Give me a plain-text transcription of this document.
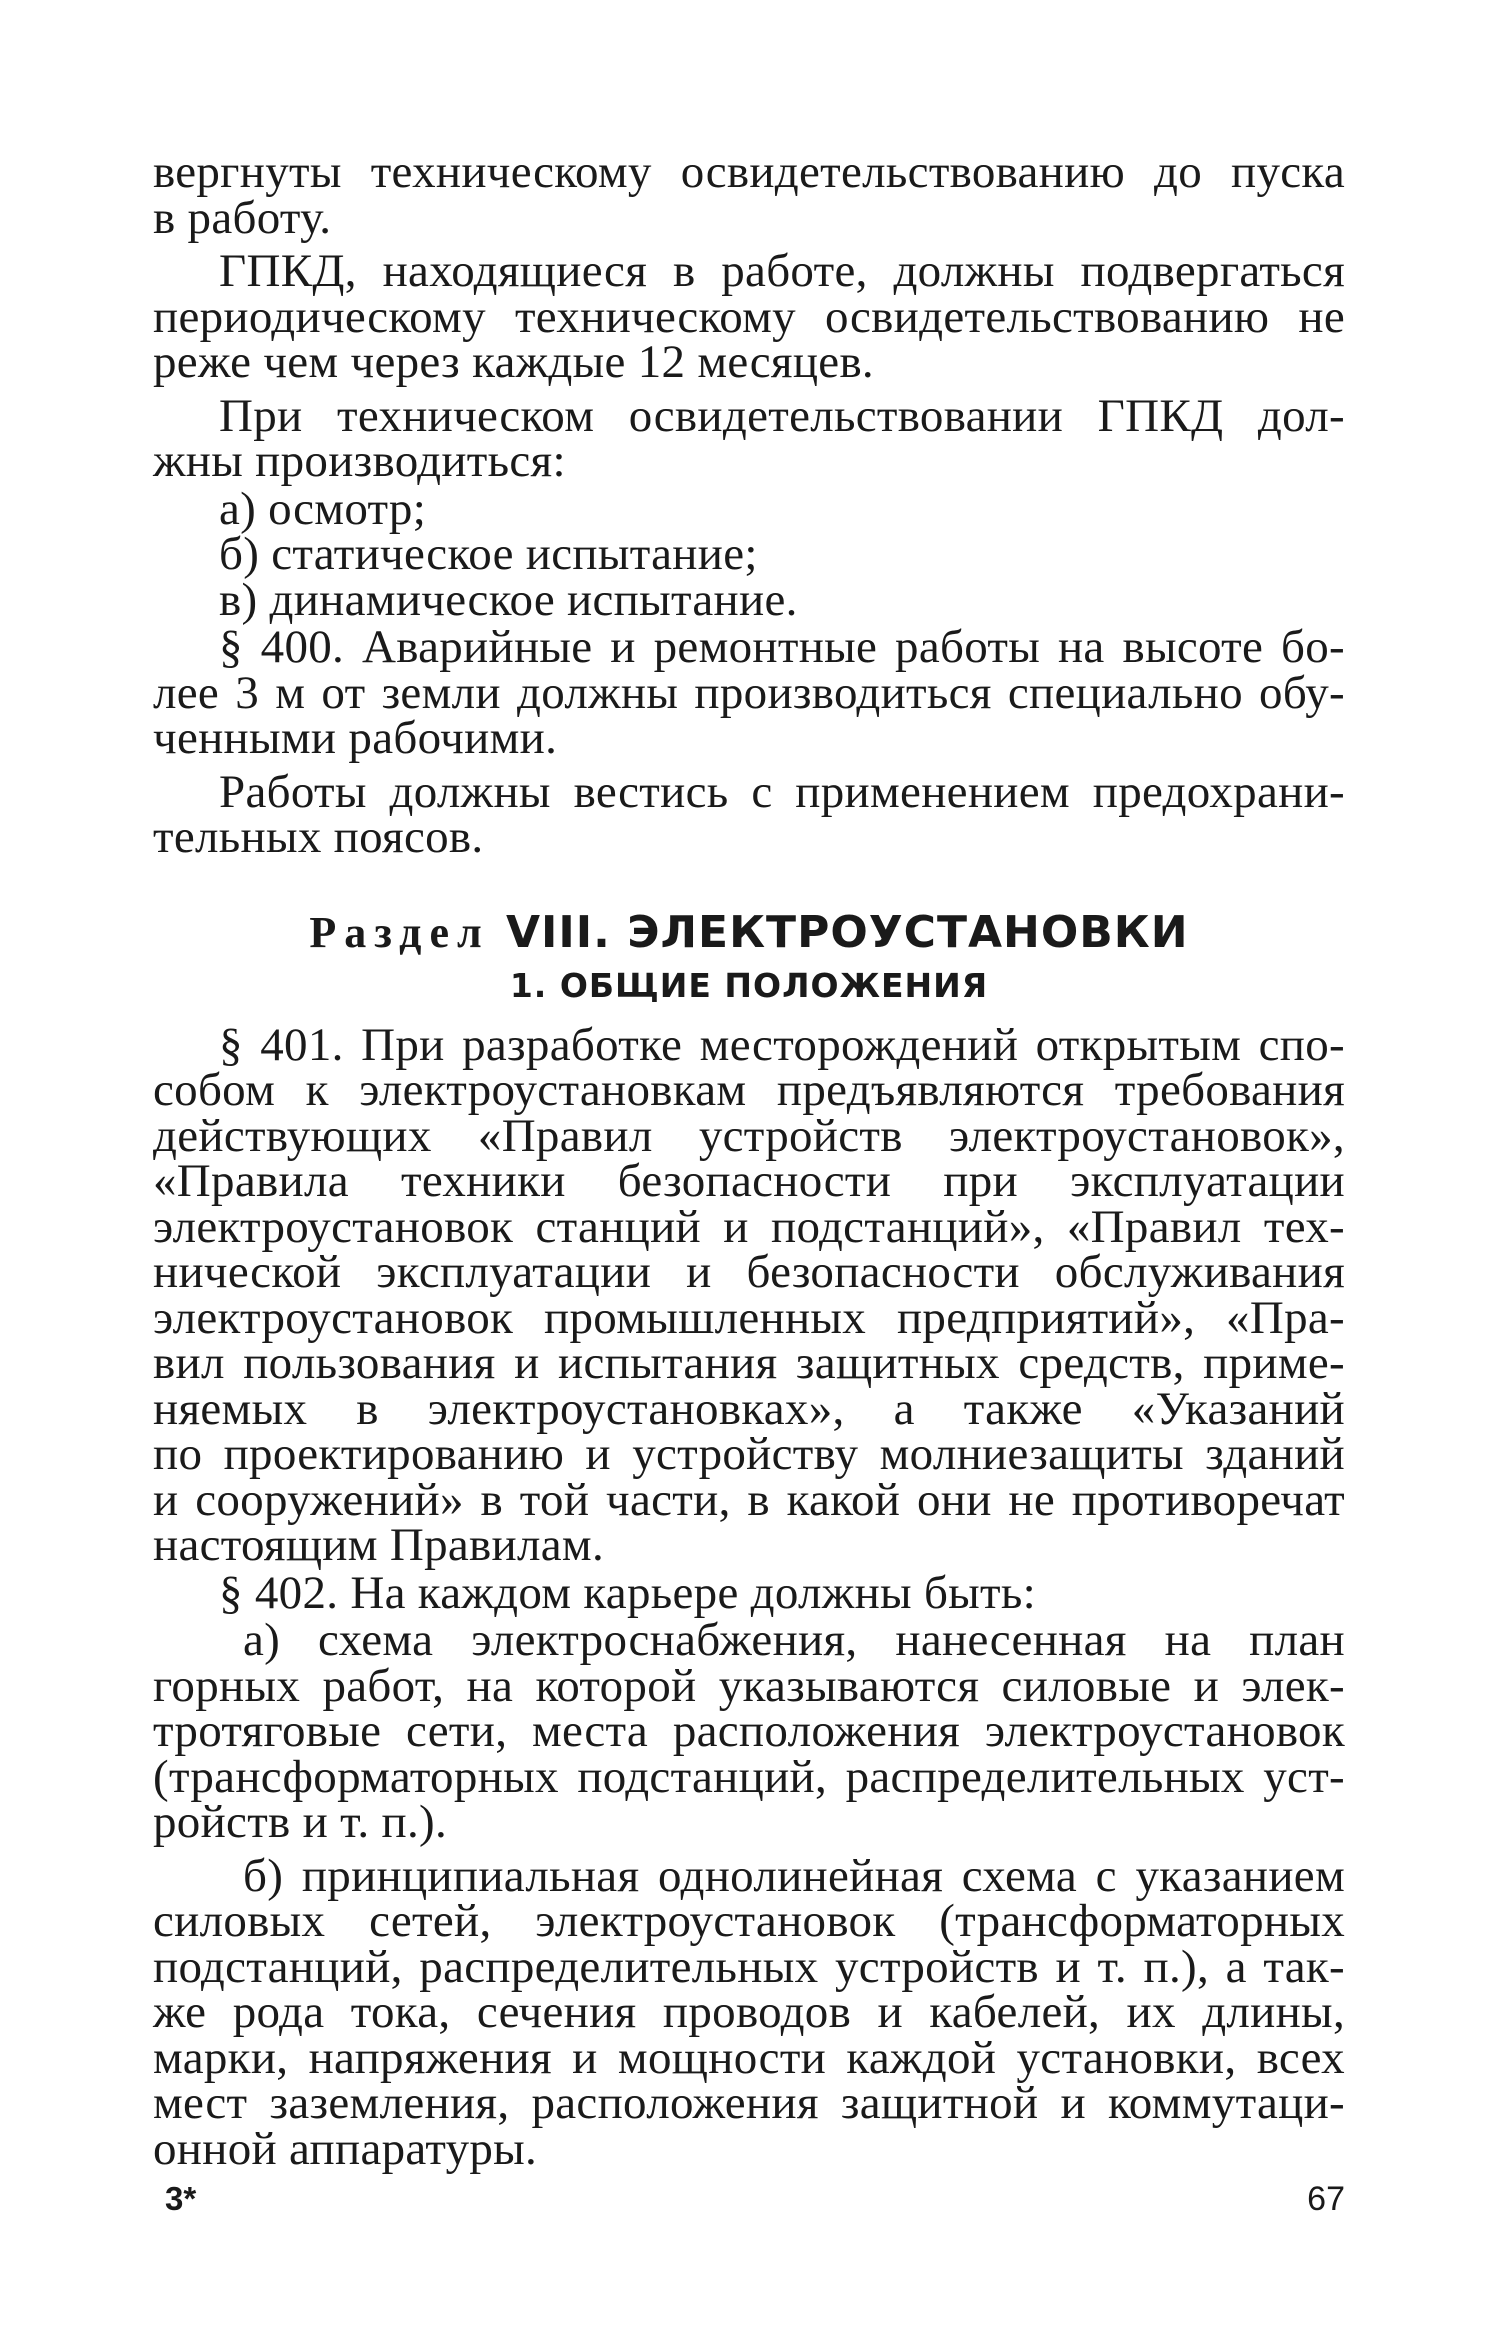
вергнуты техническому освидетельствованию до пуска
в работу.
ГПКД, находящиеся в работе, должны подвергаться
периодическому техническому освидетельствованию не
реже чем через каждые 12 месяцев.
При техническом освидетельствовании ГПКД дол-
жны производиться:
а) осмотр;
б) статическое испытание;
в) динамическое испытание.
§ 400. Аварийные и ремонтные работы на высоте бо-
лее 3 м от земли должны производиться специально обу-
ченными рабочими.
Работы должны вестись с применением предохрани-
тельных поясов.
Раздел VIII. ЭЛЕКТРОУСТАНОВКИ
1. ОБЩИЕ ПОЛОЖЕНИЯ
§ 401. При разработке месторождений открытым спо-
собом к электроустановкам предъявляются требования
действующих «Правил устройств электроустановок»,
«Правила техники безопасности при эксплуатации
электроустановок станций и подстанций», «Правил тех-
нической эксплуатации и безопасности обслуживания
электроустановок промышленных предприятий», «Пра-
вил пользования и испытания защитных средств, приме-
няемых в электроустановках», а также «Указаний
по проектированию и устройству молниезащиты зданий
и сооружений» в той части, в какой они не противоречат
настоящим Правилам.
§ 402. На каждом карьере должны быть:
а) схема электроснабжения, нанесенная на план
горных работ, на которой указываются силовые и элек-
тротяговые сети, места расположения электроустановок
(трансформаторных подстанций, распределительных уст-
ройств и т. п.).
б) принципиальная однолинейная схема с указанием
силовых сетей, электроустановок (трансформаторных
подстанций, распределительных устройств и т. п.), а так-
же рода тока, сечения проводов и кабелей, их длины,
марки, напряжения и мощности каждой установки, всех
мест заземления, расположения защитной и коммутаци-
онной аппаратуры.
3*	67
